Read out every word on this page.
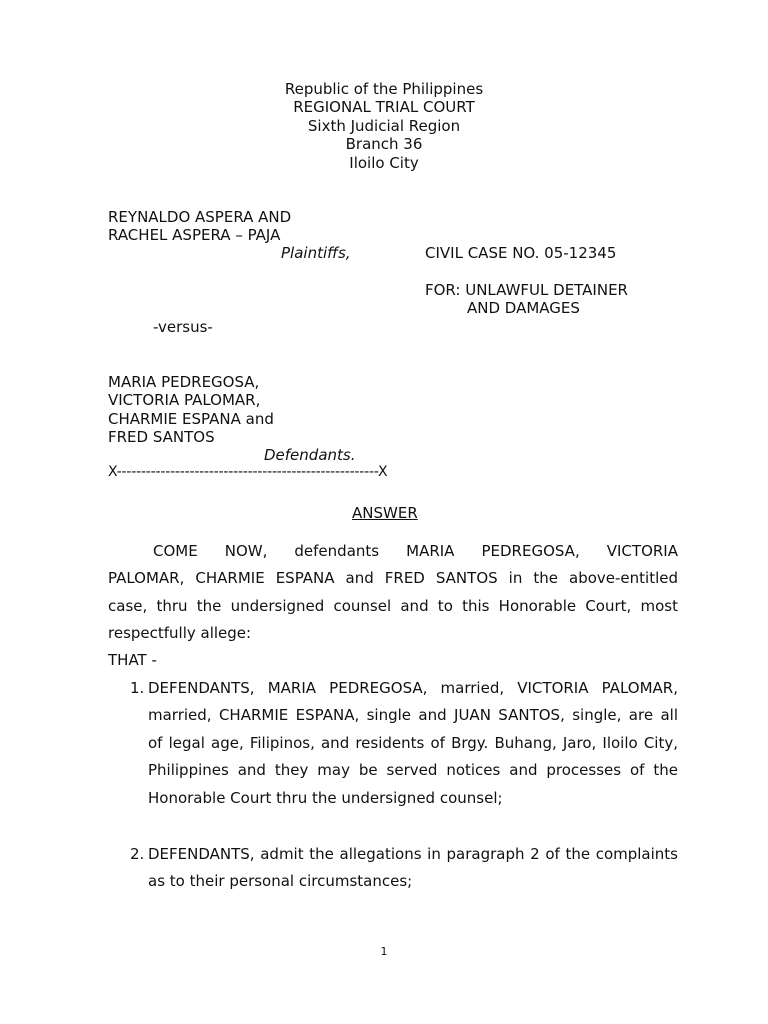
Republic of the Philippines
REGIONAL TRIAL COURT
Sixth Judicial Region
Branch 36
Iloilo City
REYNALDO ASPERA AND
RACHEL ASPERA – PAJA
Plaintiffs,	CIVIL CASE NO. 05-12345
FOR: UNLAWFUL DETAINER
AND DAMAGES
-versus-
MARIA PEDREGOSA,
VICTORIA PALOMAR,
CHARMIE ESPANA and
FRED SANTOS
Defendants.
X------------------------------------------------------X
ANSWER
COME NOW, defendants MARIA PEDREGOSA, VICTORIA
PALOMAR, CHARMIE ESPANA and FRED SANTOS in the above-entitled
case, thru the undersigned counsel and to this Honorable Court, most
respectfully allege:
THAT -
1. DEFENDANTS, MARIA PEDREGOSA, married, VICTORIA PALOMAR,
married, CHARMIE ESPANA, single and JUAN SANTOS, single, are all
of legal age, Filipinos, and residents of Brgy. Buhang, Jaro, Iloilo City,
Philippines and they may be served notices and processes of the
Honorable Court thru the undersigned counsel;
2. DEFENDANTS, admit the allegations in paragraph 2 of the complaints
as to their personal circumstances;
1
